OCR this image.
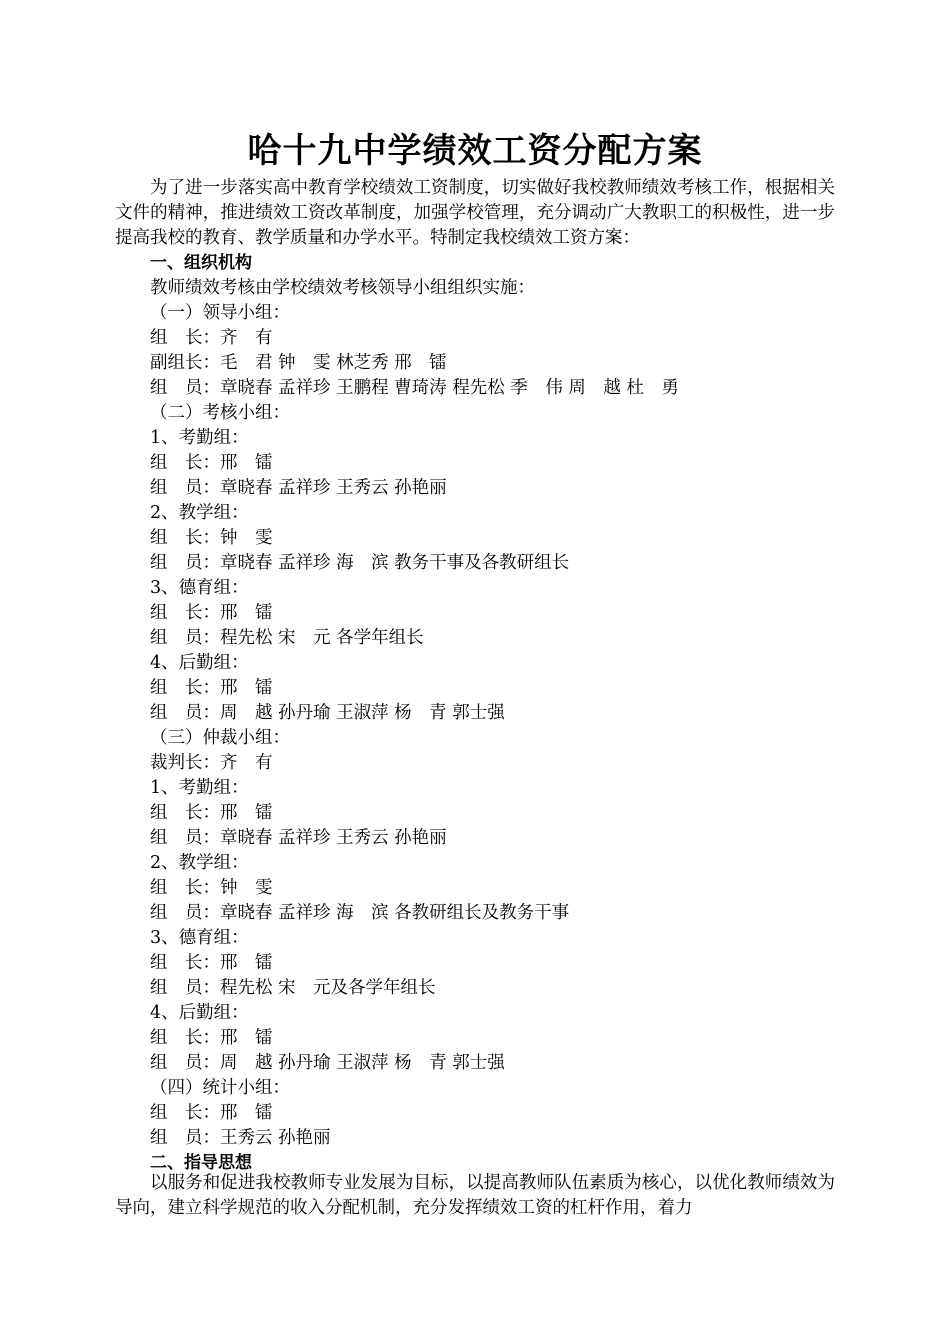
哈十九中学绩效工资分配方案
为了进一步落实高中教育学校绩效工资制度，切实做好我校教师绩效考核工作，根据相关文件的精神，推进绩效工资改革制度，加强学校管理，充分调动广大教职工的积极性，进一步提高我校的教育、教学质量和办学水平。特制定我校绩效工资方案：
一、组织机构
教师绩效考核由学校绩效考核领导小组组织实施：
（一）领导小组：
组　长：齐　有
副组长：毛　君 钟　雯 林芝秀 邢　镭
组　员：章晓春 孟祥珍 王鹏程 曹琦涛 程先松 季　伟 周　越 杜　勇
（二）考核小组：
1、考勤组：
组　长：邢　镭
组　员：章晓春 孟祥珍 王秀云 孙艳丽
2、教学组：
组　长：钟　雯
组　员：章晓春 孟祥珍 海　滨 教务干事及各教研组长
3、德育组：
组　长：邢　镭
组　员：程先松 宋　元 各学年组长
4、后勤组：
组　长：邢　镭
组　员：周　越 孙丹瑜 王淑萍 杨　青 郭士强
（三）仲裁小组：
裁判长：齐　有
1、考勤组：
组　长：邢　镭
组　员：章晓春 孟祥珍 王秀云 孙艳丽
2、教学组：
组　长：钟　雯
组　员：章晓春 孟祥珍 海　滨 各教研组长及教务干事
3、德育组：
组　长：邢　镭
组　员：程先松 宋　元及各学年组长
4、后勤组：
组　长：邢　镭
组　员：周　越 孙丹瑜 王淑萍 杨　青 郭士强
（四）统计小组：
组　长：邢　镭
组　员：王秀云 孙艳丽
二、指导思想
以服务和促进我校教师专业发展为目标，以提高教师队伍素质为核心，以优化教师绩效为导向，建立科学规范的收入分配机制，充分发挥绩效工资的杠杆作用，着力
